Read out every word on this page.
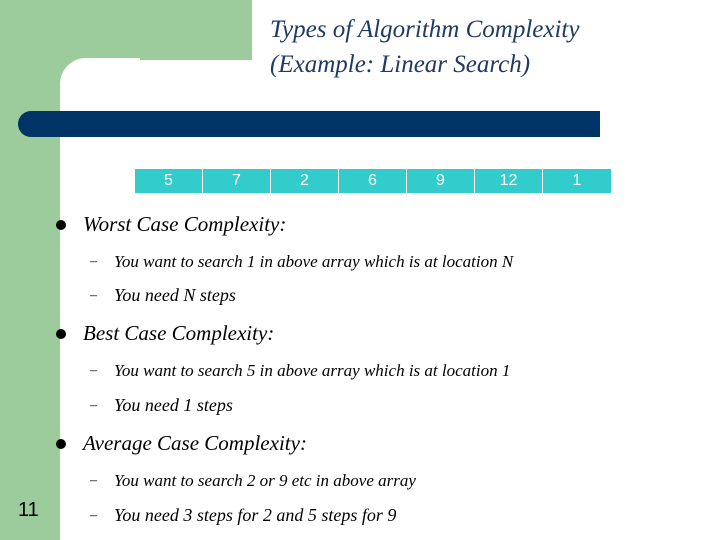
Types of Algorithm Complexity
(Example: Linear Search)
5	7	2	6	9	12	1
Worst Case Complexity:
–	You want to search 1 in above array which is at location N
– You need N steps
Best Case Complexity:
–	You want to search 5 in above array which is at location 1
– You need 1 steps
Average Case Complexity:
–	You want to search 2 or 9 etc in above array
– You need 3 steps for 2 and 5 steps for 9
11
